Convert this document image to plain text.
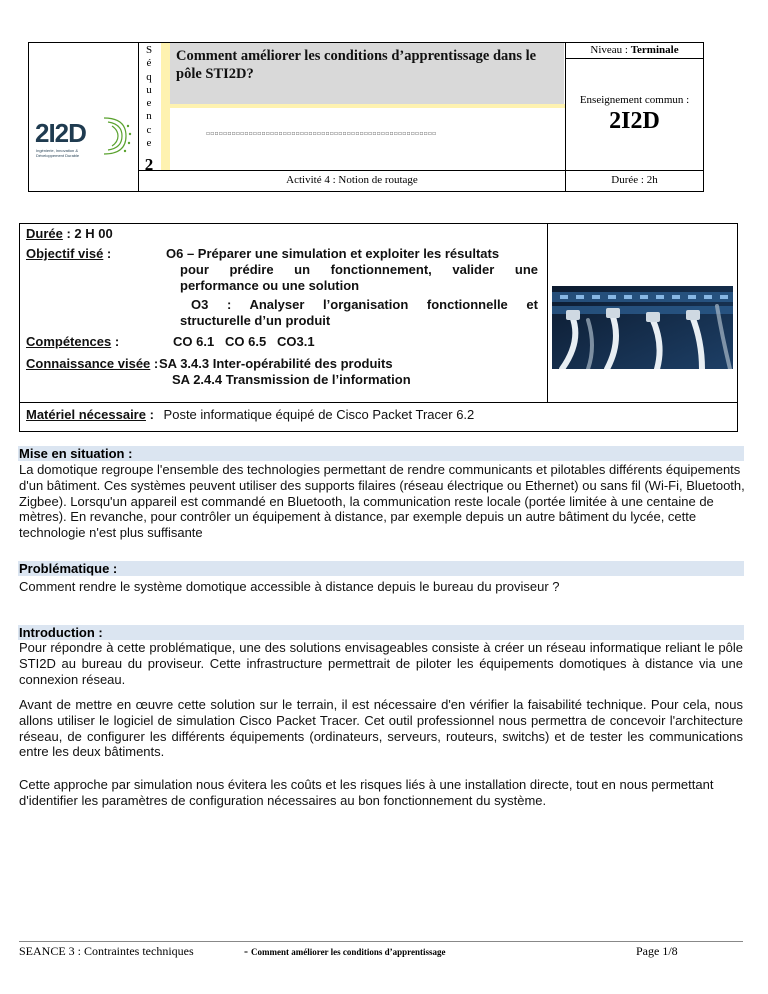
S
é
q
u
e
n
c
e
2
Comment améliorer les conditions d’apprentissage dans le pôle STI2D?
▫▫▫▫▫▫▫▫▫▫▫▫▫▫▫▫▫▫▫▫▫▫▫▫▫▫▫▫▫▫▫▫▫▫▫▫▫▫▫▫▫▫▫▫▫▫▫▫▫▫▫▫▫▫
2I2D
Ingénierie, Innovation & Développement Durable
Niveau : Terminale
Enseignement commun :
2I2D
Activité 4 : Notion de routage	Durée : 2h
Durée : 2 H 00
Objectif visé :	O6 – Préparer une simulation et exploiter les résultats
pour prédire un fonctionnement, valider une
performance ou une solution
O3 : Analyser l’organisation fonctionnelle et
structurelle d’un produit
Compétences :	CO 6.1   CO 6.5   CO3.1
Connaissance visée : SA 3.4.3 Inter-opérabilité des produits
SA 2.4.4 Transmission de l’information
Matériel nécessaire : Poste informatique équipé de Cisco Packet Tracer 6.2
Mise en situation :
La domotique regroupe l'ensemble des technologies permettant de rendre communicants et pilotables différents équipements d'un bâtiment. Ces systèmes peuvent utiliser des supports filaires (réseau électrique ou Ethernet) ou sans fil (Wi-Fi, Bluetooth, Zigbee). Lorsqu'un appareil est commandé en Bluetooth, la communication reste locale (portée limitée à une centaine de mètres). En revanche, pour contrôler un équipement à distance, par exemple depuis un autre bâtiment du lycée, cette technologie n'est plus suffisante
Problématique :
Comment rendre le système domotique accessible à distance depuis le bureau du proviseur ?
Introduction :
Pour répondre à cette problématique, une des solutions envisageables consiste à créer un réseau informatique reliant le pôle STI2D au bureau du proviseur. Cette infrastructure permettrait de piloter les équipements domotiques à distance via une connexion réseau.
Avant de mettre en œuvre cette solution sur le terrain, il est nécessaire d'en vérifier la faisabilité technique. Pour cela, nous allons utiliser le logiciel de simulation Cisco Packet Tracer. Cet outil professionnel nous permettra de concevoir l'architecture réseau, de configurer les différents équipements (ordinateurs, serveurs, routeurs, switchs) et de tester les communications entre les deux bâtiments.
Cette approche par simulation nous évitera les coûts et les risques liés à une installation directe, tout en nous permettant d'identifier les paramètres de configuration nécessaires au bon fonctionnement du système.
SEANCE 3 : Contraintes techniques	- Comment améliorer les conditions d’apprentissage	Page 1/8
